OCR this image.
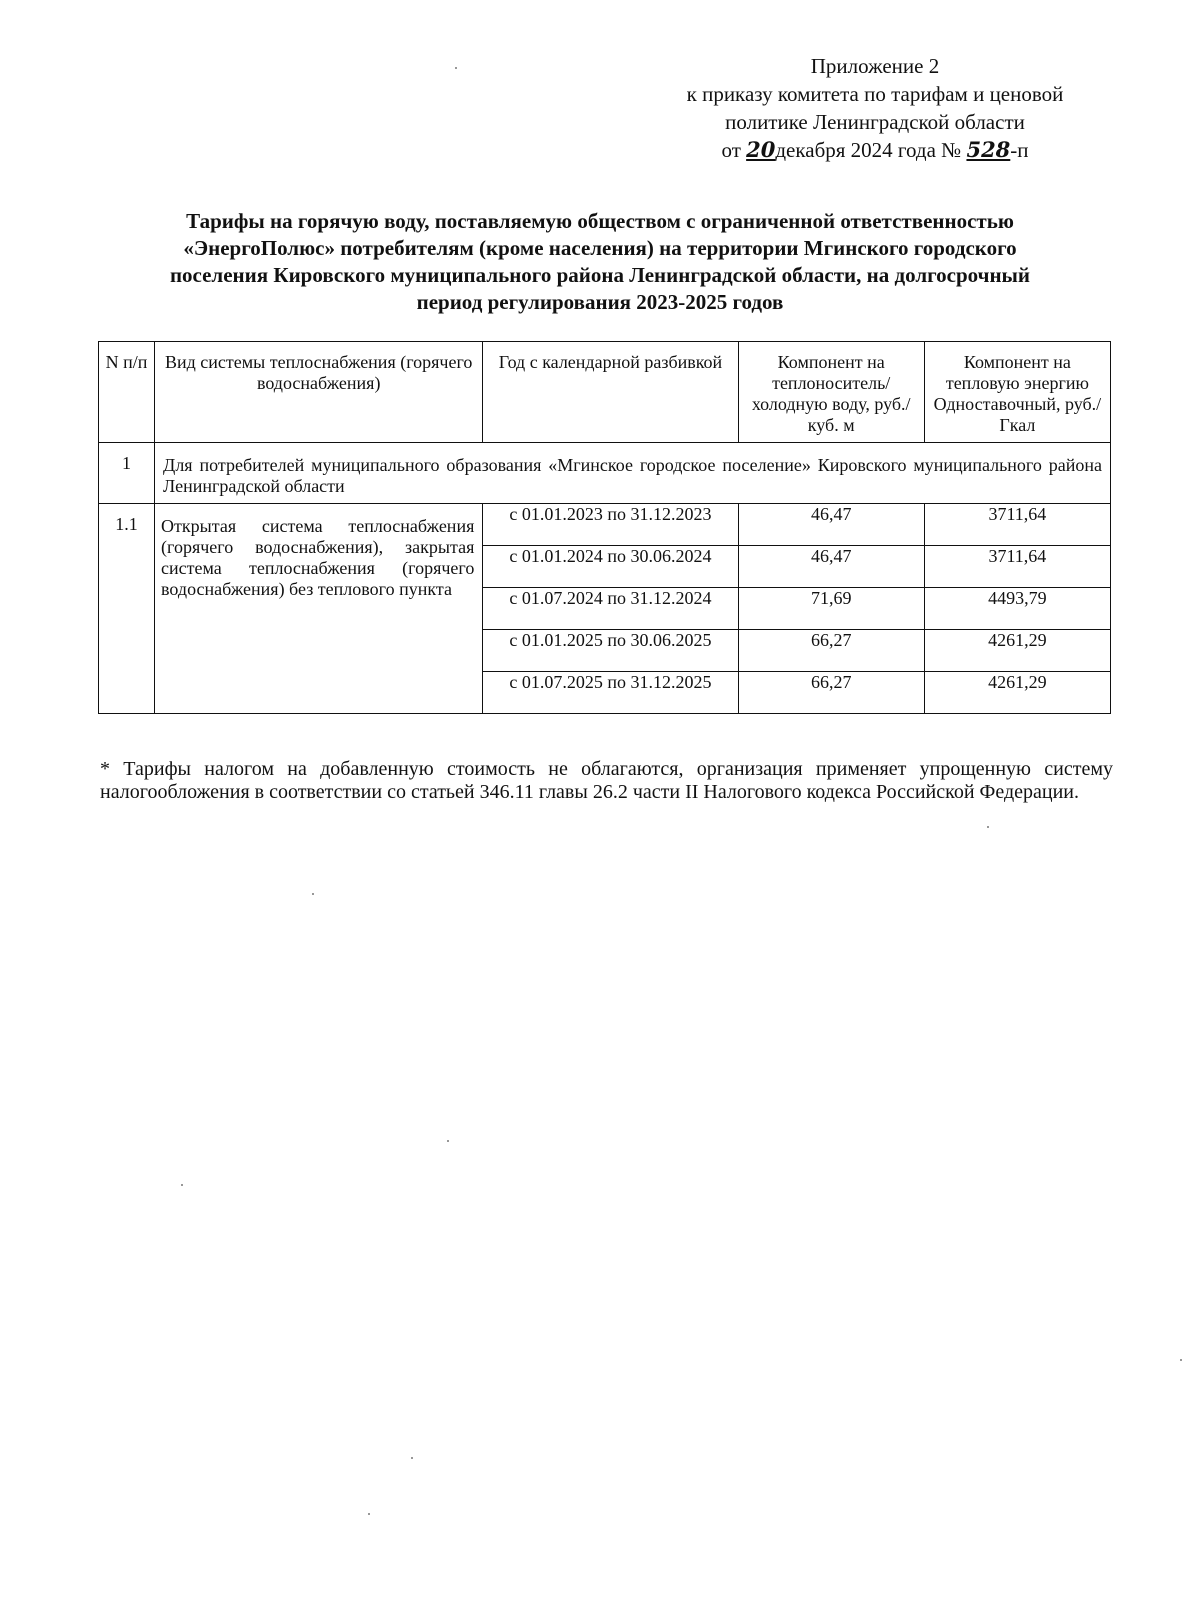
Приложение 2
к приказу комитета по тарифам и ценовой
политике Ленинградской области
от 20декабря 2024 года № 528-п
Тарифы на горячую воду, поставляемую обществом с ограниченной ответственностью
«ЭнергоПолюс» потребителям (кроме населения) на территории Мгинского городского
поселения Кировского муниципального района Ленинградской области, на долгосрочный
период регулирования 2023-2025 годов
N п/п	Вид системы теплоснабжения (горячего водоснабжения)	Год с календарной разбивкой	Компонент на теплоноситель/холодную воду, руб./куб. м	Компонент на тепловую энергию Одноставочный, руб./Гкал
1	Для потребителей муниципального образования «Мгинское городское поселение» Кировского муниципального района Ленинградской области			
1.1	Открытая система теплоснабжения (горячего водоснабжения), закрытая система теплоснабжения (горячего водоснабжения) без теплового пункта	с 01.01.2023 по 31.12.2023	46,47	3711,64
		с 01.01.2024 по 30.06.2024	46,47	3711,64
		с 01.07.2024 по 31.12.2024	71,69	4493,79
		с 01.01.2025 по 30.06.2025	66,27	4261,29
		с 01.07.2025 по 31.12.2025	66,27	4261,29
* Тарифы налогом на добавленную стоимость не облагаются, организация применяет упрощенную систему налогообложения в соответствии со статьей 346.11 главы 26.2 части II Налогового кодекса Российской Федерации.
